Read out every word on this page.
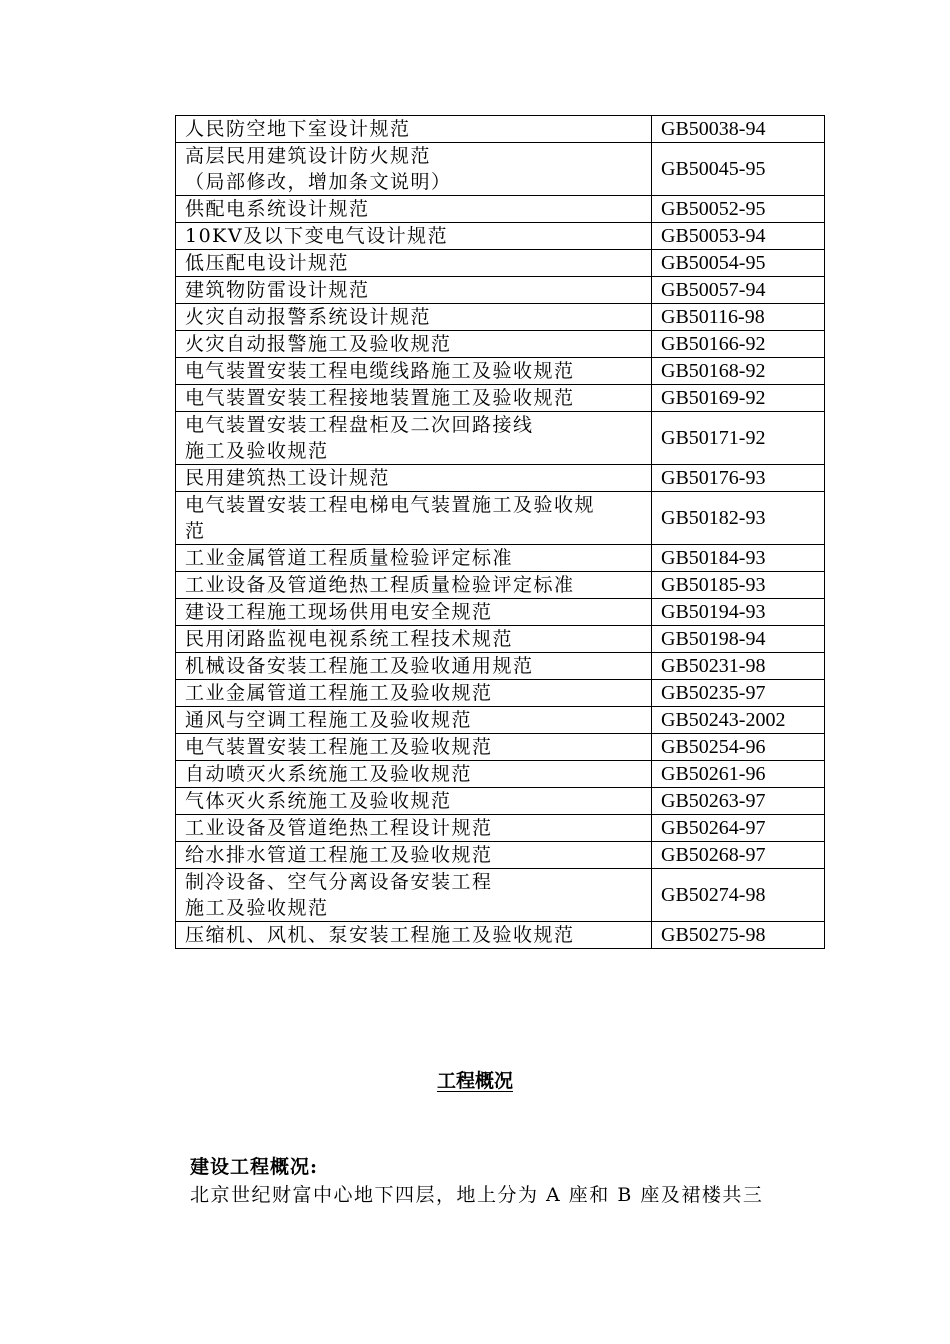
人民防空地下室设计规范	GB50038-94

高层民用建筑设计防火规范
（局部修改，增加条文说明）	GB50045-95

供配电系统设计规范	GB50052-95

10KV及以下变电气设计规范	GB50053-94

低压配电设计规范	GB50054-95

建筑物防雷设计规范	GB50057-94

火灾自动报警系统设计规范	GB50116-98

火灾自动报警施工及验收规范	GB50166-92

电气装置安装工程电缆线路施工及验收规范	GB50168-92

电气装置安装工程接地装置施工及验收规范	GB50169-92

电气装置安装工程盘柜及二次回路接线
施工及验收规范	GB50171-92

民用建筑热工设计规范	GB50176-93

电气装置安装工程电梯电气装置施工及验收规
范	GB50182-93

工业金属管道工程质量检验评定标准	GB50184-93

工业设备及管道绝热工程质量检验评定标准	GB50185-93

建设工程施工现场供用电安全规范	GB50194-93

民用闭路监视电视系统工程技术规范	GB50198-94

机械设备安装工程施工及验收通用规范	GB50231-98

工业金属管道工程施工及验收规范	GB50235-97

通风与空调工程施工及验收规范	GB50243-2002

电气装置安装工程施工及验收规范	GB50254-96

自动喷灭火系统施工及验收规范	GB50261-96

气体灭火系统施工及验收规范	GB50263-97

工业设备及管道绝热工程设计规范	GB50264-97

给水排水管道工程施工及验收规范	GB50268-97

制冷设备、空气分离设备安装工程
施工及验收规范	GB50274-98

压缩机、风机、泵安装工程施工及验收规范	GB50275-98
工程概况
建设工程概况:
北京世纪财富中心地下四层，地上分为 A 座和 B 座及裙楼共三
